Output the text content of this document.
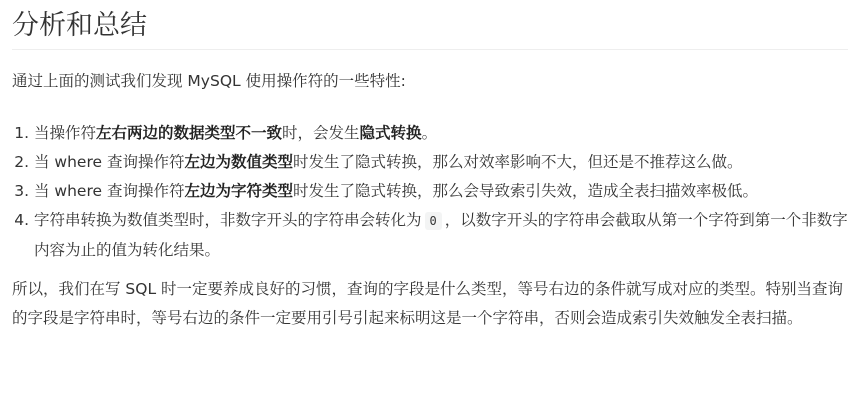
分析和总结

通过上面的测试我们发现 MySQL 使用操作符的一些特性:

1. 当操作符左右两边的数据类型不一致时，会发生隐式转换。
2. 当 where 查询操作符左边为数值类型时发生了隐式转换，那么对效率影响不大，但还是不推荐这么做。
3. 当 where 查询操作符左边为字符类型时发生了隐式转换，那么会导致索引失效，造成全表扫描效率极低。
4. 字符串转换为数值类型时，非数字开头的字符串会转化为 0 ，以数字开头的字符串会截取从第一个字符到第一个非数字内容为止的值为转化结果。

所以，我们在写 SQL 时一定要养成良好的习惯，查询的字段是什么类型，等号右边的条件就写成对应的类型。特别当查询的字段是字符串时，等号右边的条件一定要用引号引起来标明这是一个字符串，否则会造成索引失效触发全表扫描。
